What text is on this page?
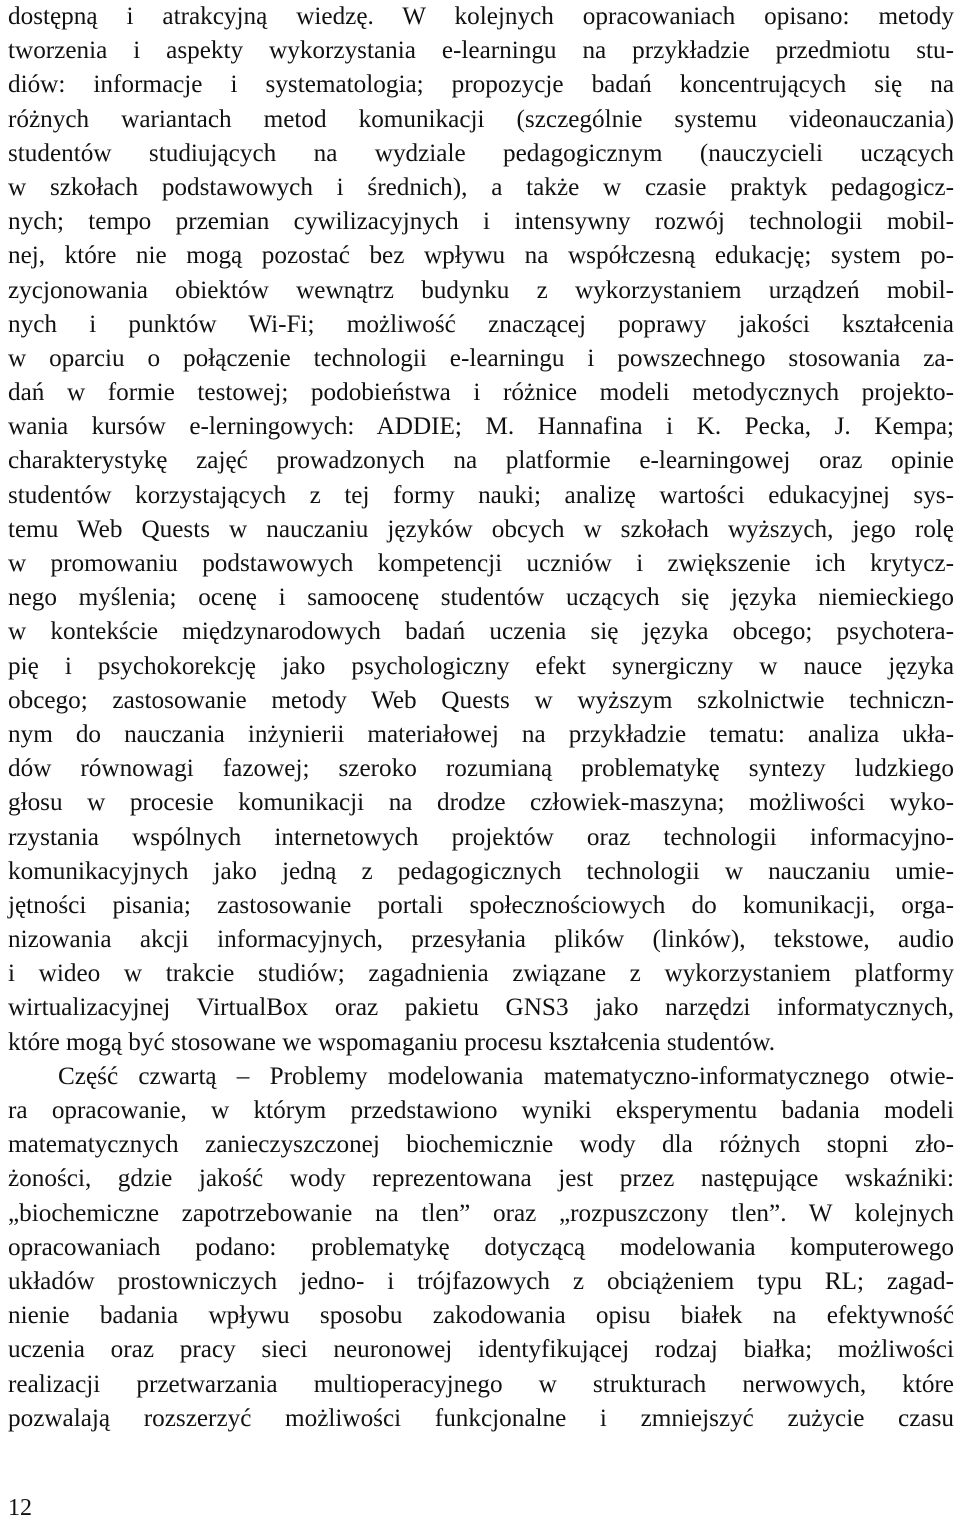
dostępną i atrakcyjną wiedzę. W kolejnych opracowaniach opisano: metody
tworzenia i aspekty wykorzystania e-learningu na przykładzie przedmiotu stu-
diów: informacje i systematologia; propozycje badań koncentrujących się na
różnych wariantach metod komunikacji (szczególnie systemu videonauczania)
studentów studiujących na wydziale pedagogicznym (nauczycieli uczących
w szkołach podstawowych i średnich), a także w czasie praktyk pedagogicz-
nych; tempo przemian cywilizacyjnych i intensywny rozwój technologii mobil-
nej, które nie mogą pozostać bez wpływu na współczesną edukację; system po-
zycjonowania obiektów wewnątrz budynku z wykorzystaniem urządzeń mobil-
nych i punktów Wi-Fi; możliwość znaczącej poprawy jakości kształcenia
w oparciu o połączenie technologii e-learningu i powszechnego stosowania za-
dań w formie testowej; podobieństwa i różnice modeli metodycznych projekto-
wania kursów e-lerningowych: ADDIE; M. Hannafina i K. Pecka, J. Kempa;
charakterystykę zajęć prowadzonych na platformie e-learningowej oraz opinie
studentów korzystających z tej formy nauki; analizę wartości edukacyjnej sys-
temu Web Quests w nauczaniu języków obcych w szkołach wyższych, jego rolę
w promowaniu podstawowych kompetencji uczniów i zwiększenie ich krytycz-
nego myślenia; ocenę i samoocenę studentów uczących się języka niemieckiego
w kontekście międzynarodowych badań uczenia się języka obcego; psychotera-
pię i psychokorekcję jako psychologiczny efekt synergiczny w nauce języka
obcego; zastosowanie metody Web Quests w wyższym szkolnictwie techniczn-
nym do nauczania inżynierii materiałowej na przykładzie tematu: analiza ukła-
dów równowagi fazowej; szeroko rozumianą problematykę syntezy ludzkiego
głosu w procesie komunikacji na drodze człowiek-maszyna; możliwości wyko-
rzystania wspólnych internetowych projektów oraz technologii informacyjno-
komunikacyjnych jako jedną z pedagogicznych technologii w nauczaniu umie-
jętności pisania; zastosowanie portali społecznościowych do komunikacji, orga-
nizowania akcji informacyjnych, przesyłania plików (linków), tekstowe, audio
i wideo w trakcie studiów; zagadnienia związane z wykorzystaniem platformy
wirtualizacyjnej VirtualBox oraz pakietu GNS3 jako narzędzi informatycznych,
które mogą być stosowane we wspomaganiu procesu kształcenia studentów.
Część czwartą – Problemy modelowania matematyczno-informatycznego otwie-
ra opracowanie, w którym przedstawiono wyniki eksperymentu badania modeli
matematycznych zanieczyszczonej biochemicznie wody dla różnych stopni zło-
żoności, gdzie jakość wody reprezentowana jest przez następujące wskaźniki:
„biochemiczne zapotrzebowanie na tlen” oraz „rozpuszczony tlen”. W kolejnych
opracowaniach podano: problematykę dotyczącą modelowania komputerowego
układów prostowniczych jedno- i trójfazowych z obciążeniem typu RL; zagad-
nienie badania wpływu sposobu zakodowania opisu białek na efektywność
uczenia oraz pracy sieci neuronowej identyfikującej rodzaj białka; możliwości
realizacji przetwarzania multioperacyjnego w strukturach nerwowych, które
pozwalają rozszerzyć możliwości funkcjonalne i zmniejszyć zużycie czasu
12
